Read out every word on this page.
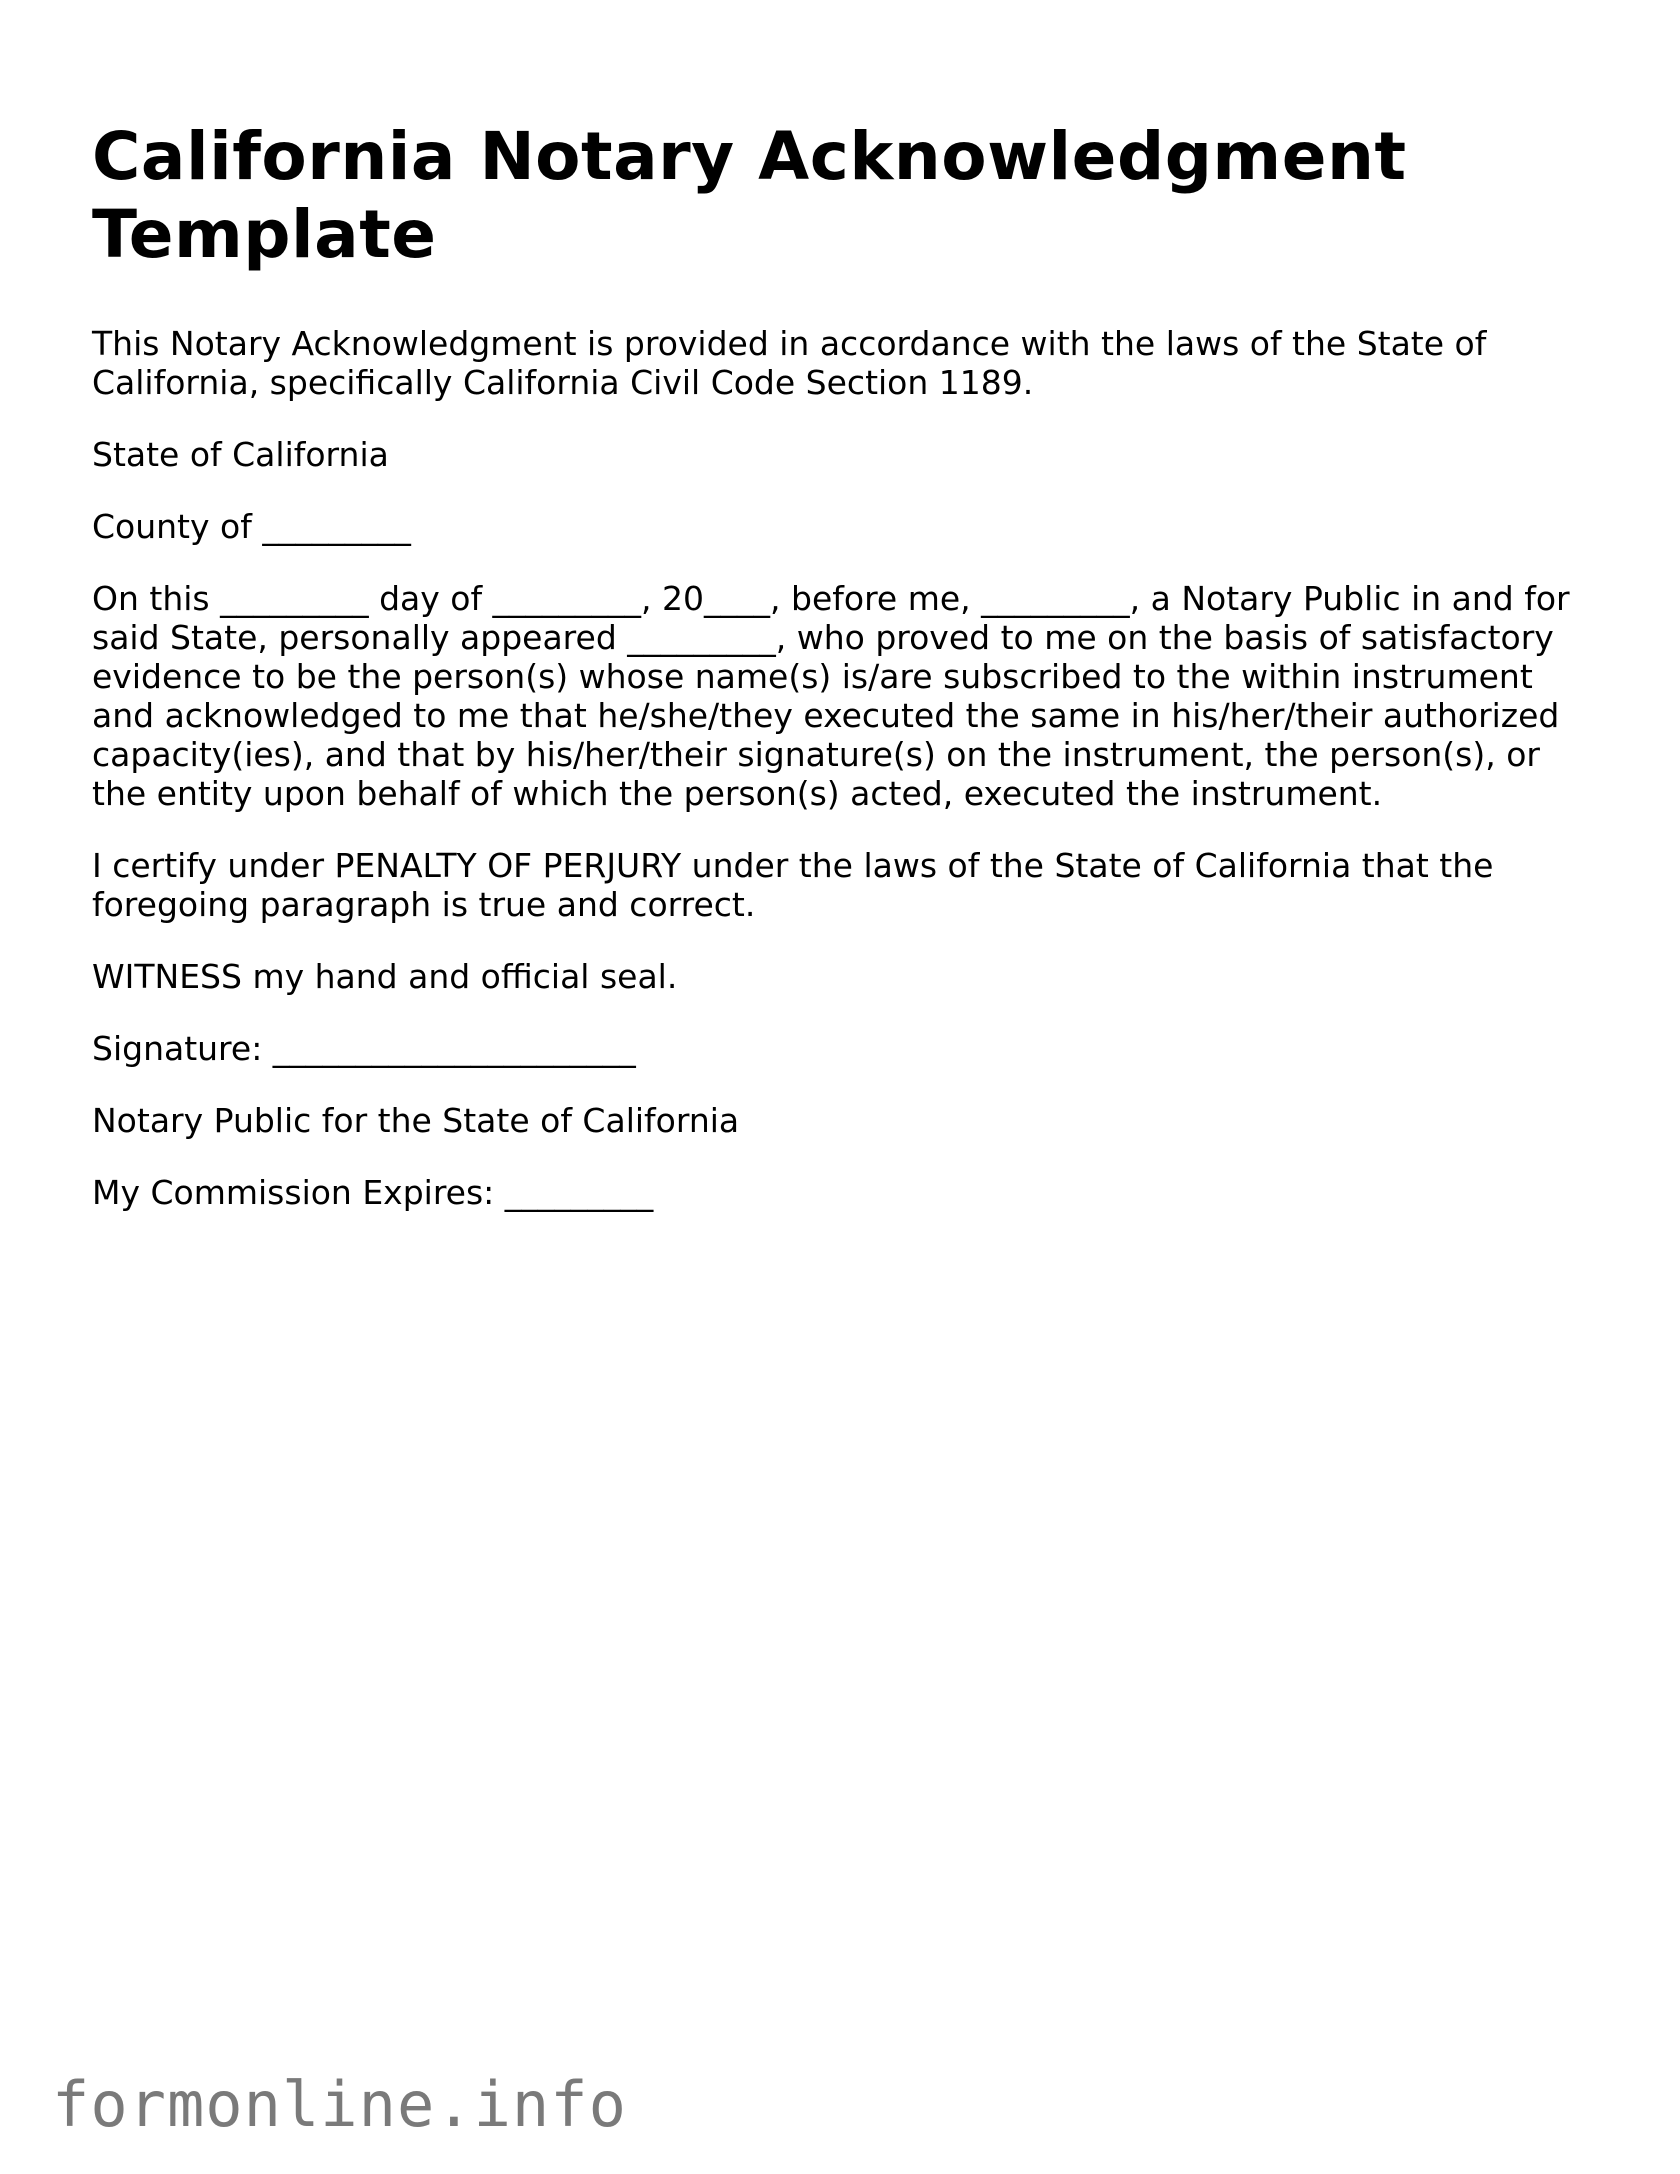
California Notary Acknowledgment Template

This Notary Acknowledgment is provided in accordance with the laws of the State of California, specifically California Civil Code Section 1189.

State of California

County of _________

On this _________ day of _________, 20____, before me, _________, a Notary Public in and for said State, personally appeared _________, who proved to me on the basis of satisfactory evidence to be the person(s) whose name(s) is/are subscribed to the within instrument and acknowledged to me that he/she/they executed the same in his/her/their authorized capacity(ies), and that by his/her/their signature(s) on the instrument, the person(s), or the entity upon behalf of which the person(s) acted, executed the instrument.

I certify under PENALTY OF PERJURY under the laws of the State of California that the foregoing paragraph is true and correct.

WITNESS my hand and official seal.

Signature: ______________________

Notary Public for the State of California

My Commission Expires: _________

formonline.info
